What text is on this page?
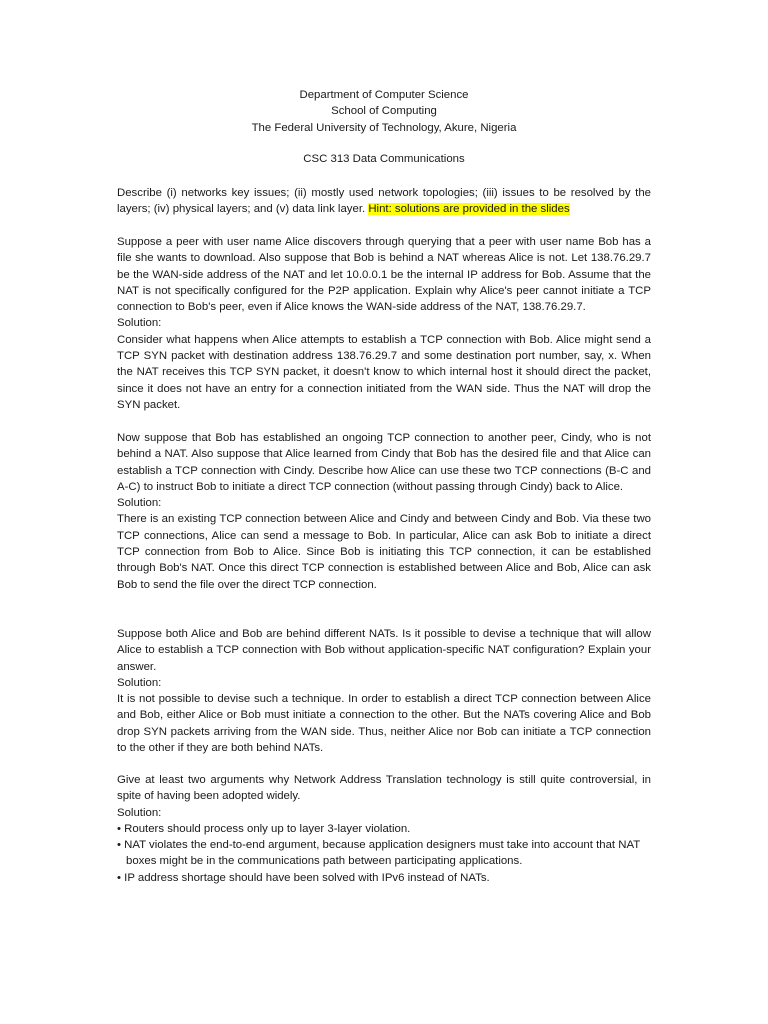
Department of Computer Science
School of Computing
The Federal University of Technology, Akure, Nigeria
CSC 313 Data Communications
Describe (i) networks key issues; (ii) mostly used network topologies; (iii) issues to be resolved by the layers; (iv) physical layers; and (v) data link layer. Hint: solutions are provided in the slides
Suppose a peer with user name Alice discovers through querying that a peer with user name Bob has a file she wants to download. Also suppose that Bob is behind a NAT whereas Alice is not. Let 138.76.29.7 be the WAN-side address of the NAT and let 10.0.0.1 be the internal IP address for Bob. Assume that the NAT is not specifically configured for the P2P application. Explain why Alice's peer cannot initiate a TCP connection to Bob's peer, even if Alice knows the WAN-side address of the NAT, 138.76.29.7.
Solution:
Consider what happens when Alice attempts to establish a TCP connection with Bob. Alice might send a TCP SYN packet with destination address 138.76.29.7 and some destination port number, say, x. When the NAT receives this TCP SYN packet, it doesn't know to which internal host it should direct the packet, since it does not have an entry for a connection initiated from the WAN side. Thus the NAT will drop the SYN packet.
Now suppose that Bob has established an ongoing TCP connection to another peer, Cindy, who is not behind a NAT. Also suppose that Alice learned from Cindy that Bob has the desired file and that Alice can establish a TCP connection with Cindy. Describe how Alice can use these two TCP connections (B-C and A-C) to instruct Bob to initiate a direct TCP connection (without passing through Cindy) back to Alice.
Solution:
There is an existing TCP connection between Alice and Cindy and between Cindy and Bob. Via these two TCP connections, Alice can send a message to Bob. In particular, Alice can ask Bob to initiate a direct TCP connection from Bob to Alice. Since Bob is initiating this TCP connection, it can be established through Bob's NAT. Once this direct TCP connection is established between Alice and Bob, Alice can ask Bob to send the file over the direct TCP connection.
Suppose both Alice and Bob are behind different NATs. Is it possible to devise a technique that will allow Alice to establish a TCP connection with Bob without application-specific NAT configuration? Explain your answer.
Solution:
It is not possible to devise such a technique. In order to establish a direct TCP connection between Alice and Bob, either Alice or Bob must initiate a connection to the other. But the NATs covering Alice and Bob drop SYN packets arriving from the WAN side. Thus, neither Alice nor Bob can initiate a TCP connection to the other if they are both behind NATs.
Give at least two arguments why Network Address Translation technology is still quite controversial, in spite of having been adopted widely.
Solution:
• Routers should process only up to layer 3-layer violation.
• NAT violates the end-to-end argument, because application designers must take into account that NAT boxes might be in the communications path between participating applications.
• IP address shortage should have been solved with IPv6 instead of NATs.
